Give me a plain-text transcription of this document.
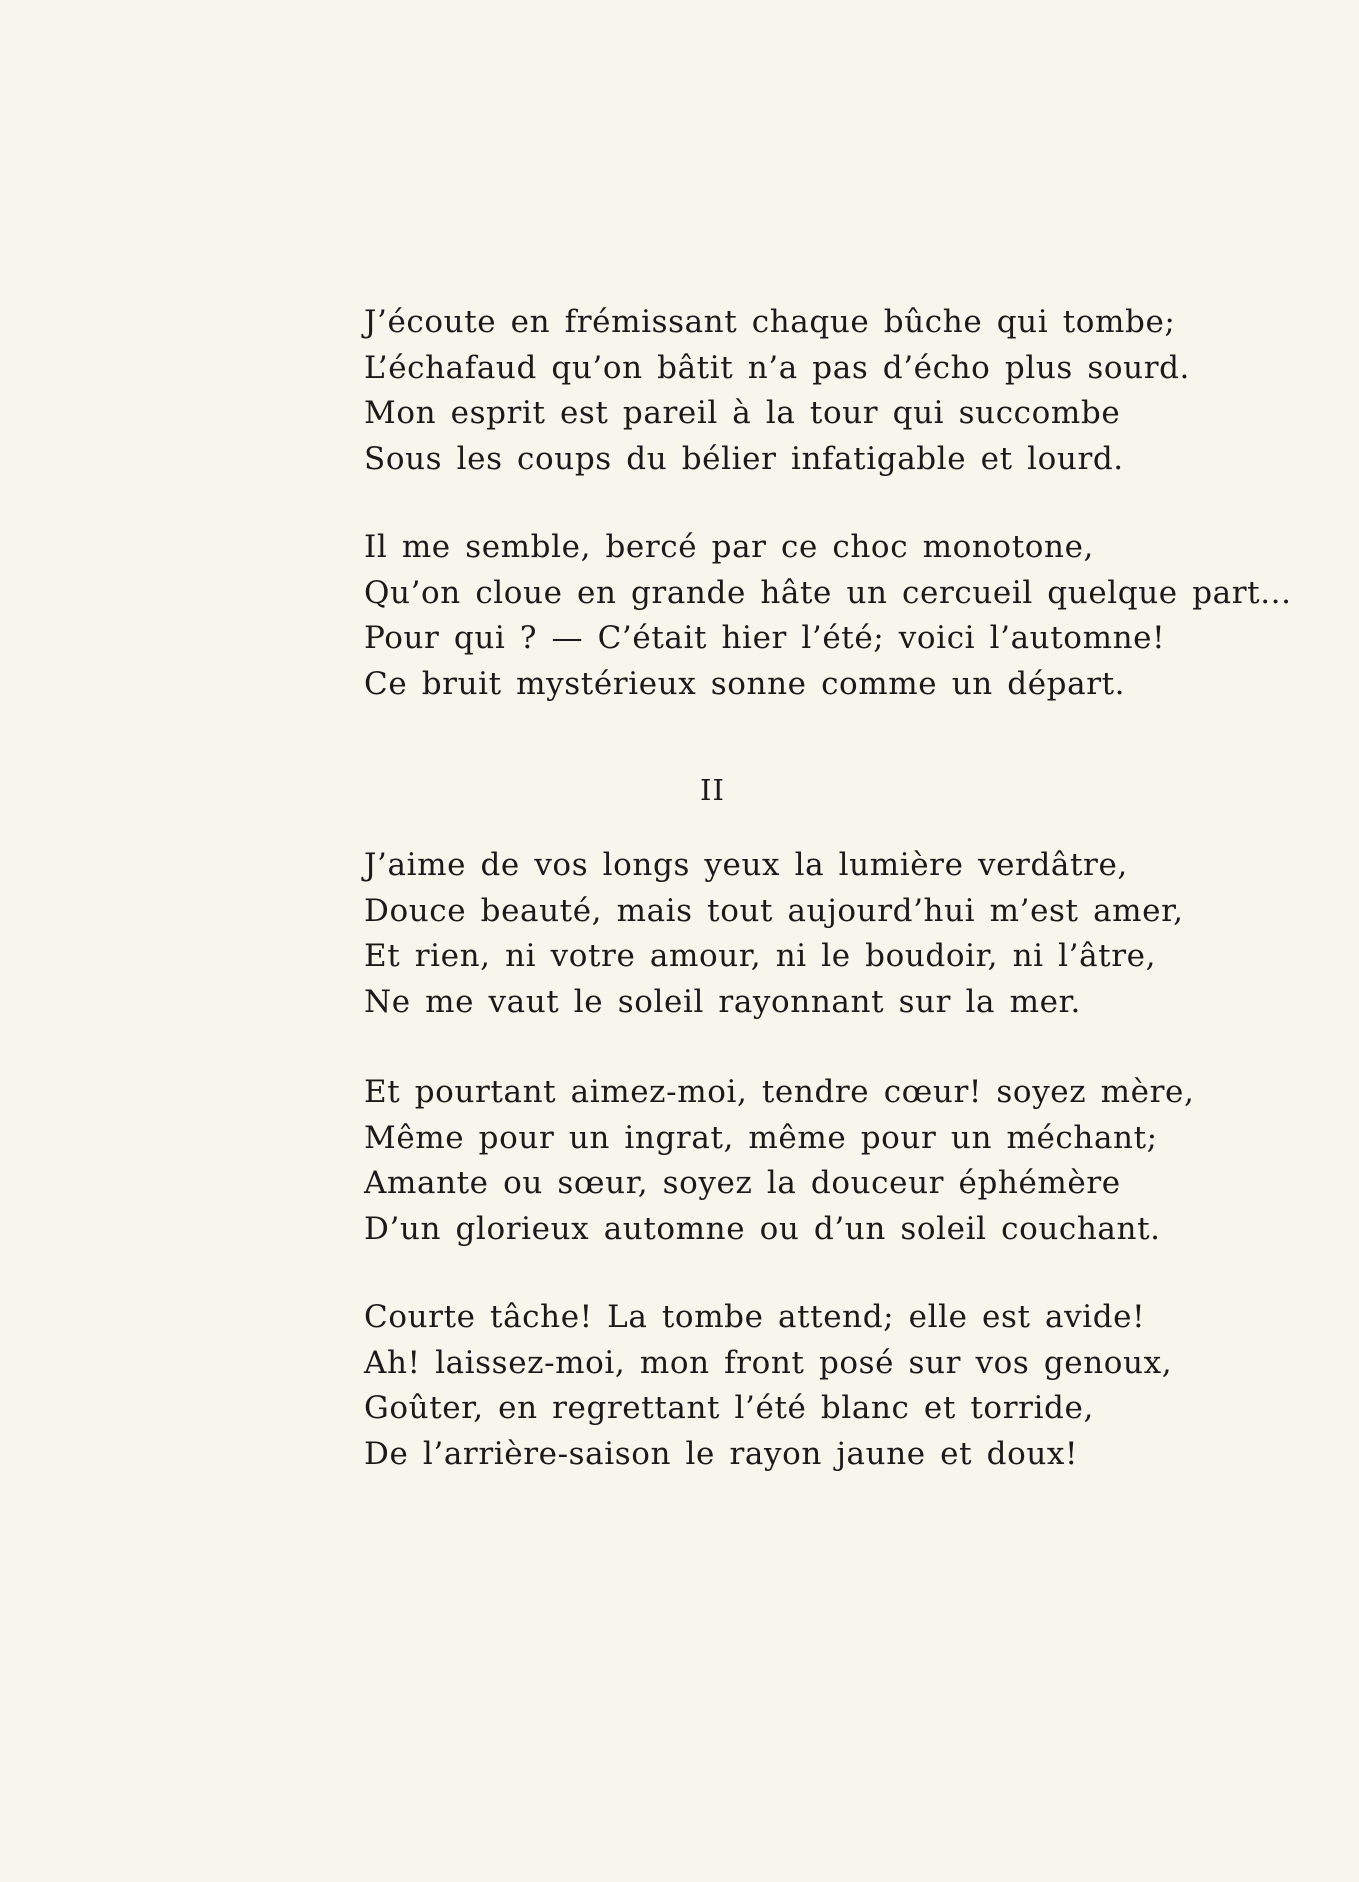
J’écoute en frémissant chaque bûche qui tombe;
L’échafaud qu’on bâtit n’a pas d’écho plus sourd.
Mon esprit est pareil à la tour qui succombe
Sous les coups du bélier infatigable et lourd.
Il me semble, bercé par ce choc monotone,
Qu’on cloue en grande hâte un cercueil quelque part...
Pour qui ? — C’était hier l’été; voici l’automne!
Ce bruit mystérieux sonne comme un départ.
II
J’aime de vos longs yeux la lumière verdâtre,
Douce beauté, mais tout aujourd’hui m’est amer,
Et rien, ni votre amour, ni le boudoir, ni l’âtre,
Ne me vaut le soleil rayonnant sur la mer.
Et pourtant aimez-moi, tendre cœur! soyez mère,
Même pour un ingrat, même pour un méchant;
Amante ou sœur, soyez la douceur éphémère
D’un glorieux automne ou d’un soleil couchant.
Courte tâche! La tombe attend; elle est avide!
Ah! laissez-moi, mon front posé sur vos genoux,
Goûter, en regrettant l’été blanc et torride,
De l’arrière-saison le rayon jaune et doux!
